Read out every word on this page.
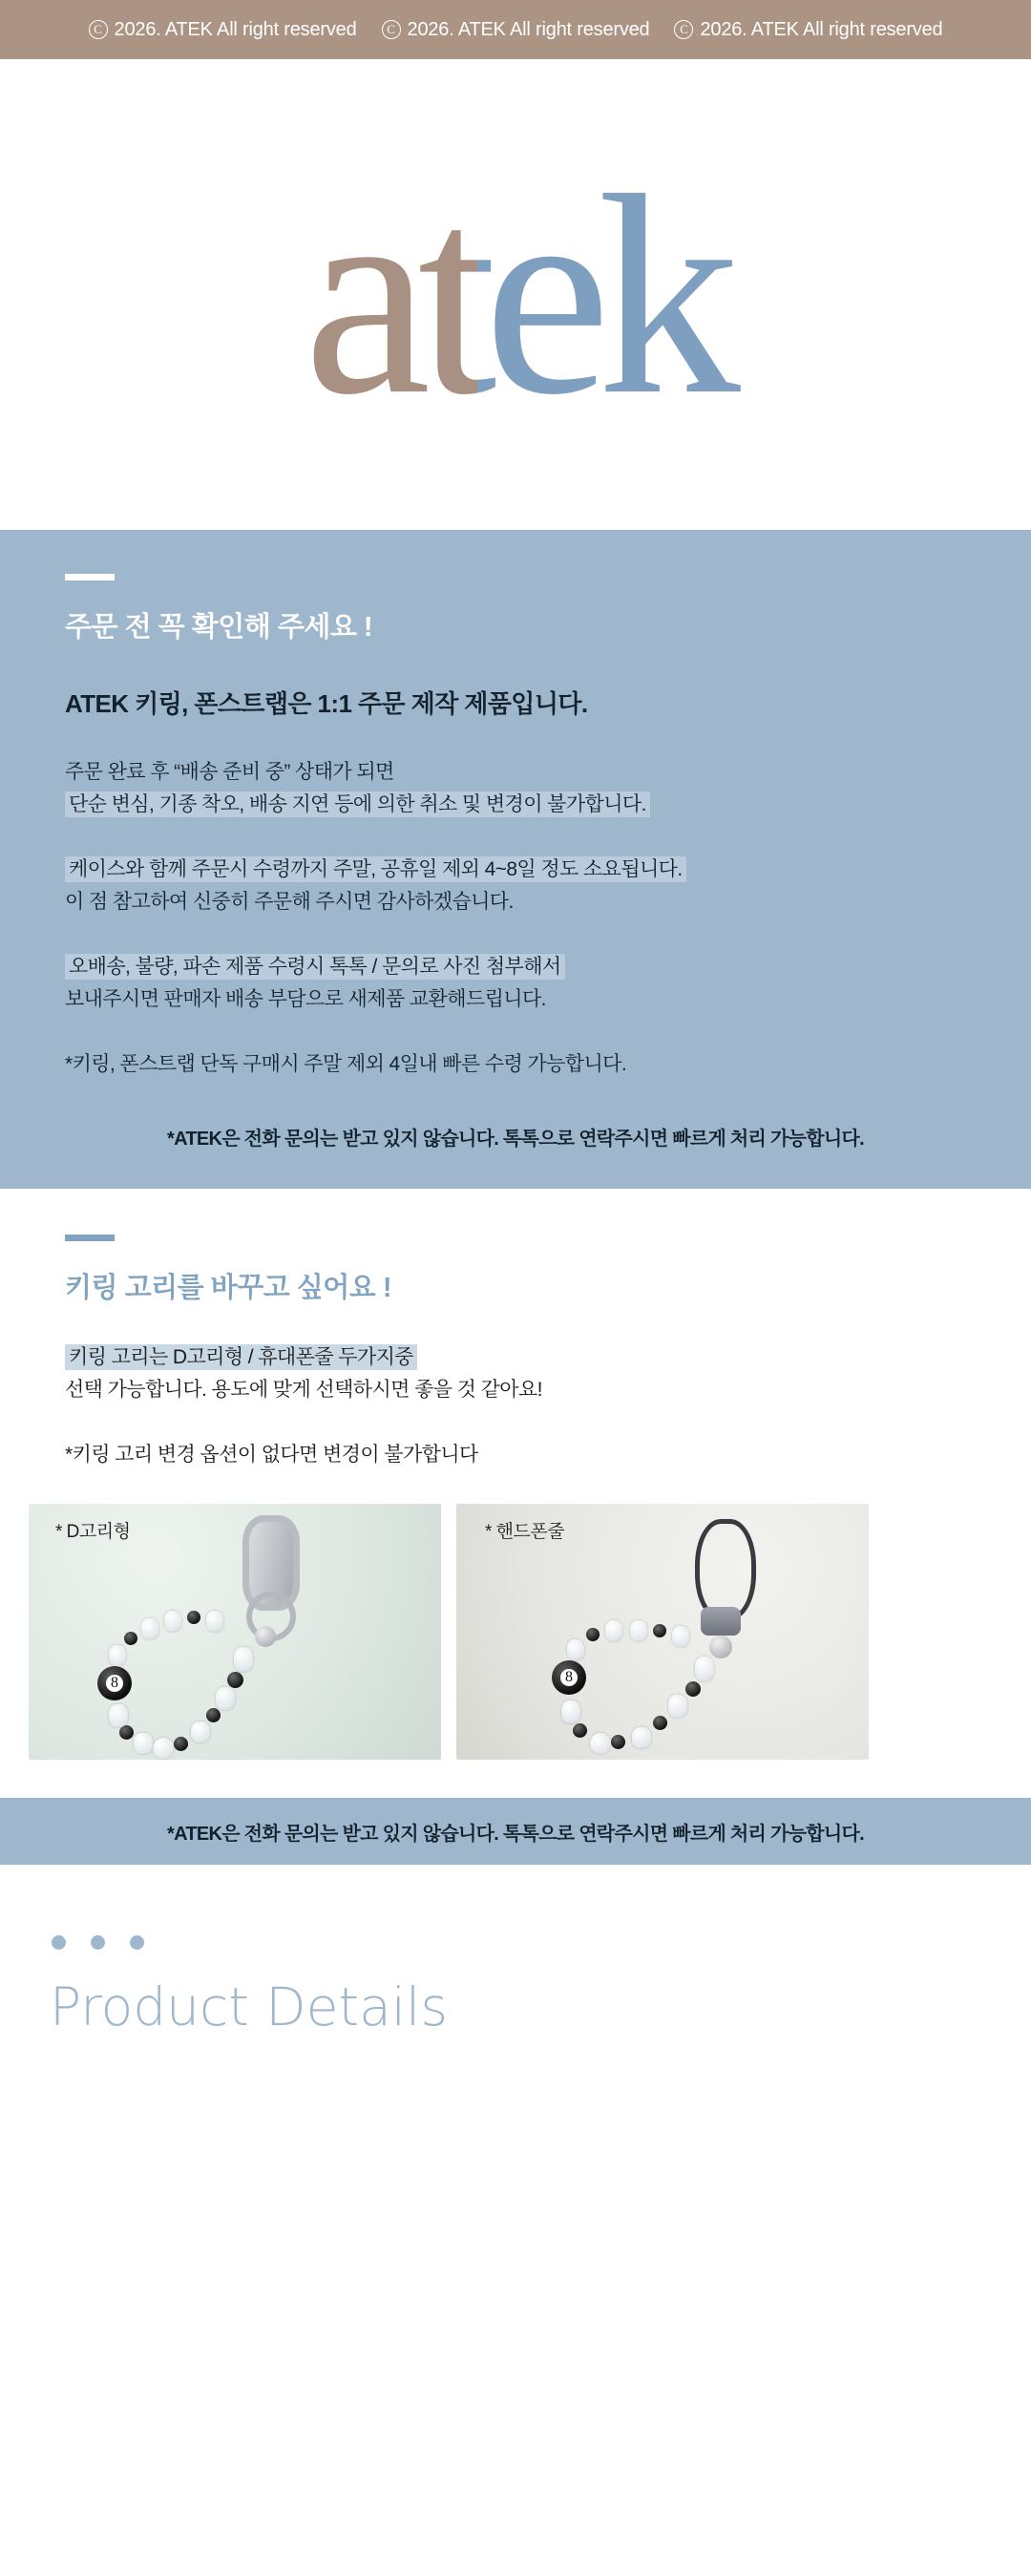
C 2026. ATEK All right reserved	C 2026. ATEK All right reserved	C 2026. ATEK All right reserved
atek
주문 전 꼭 확인해 주세요 !
ATEK 키링, 폰스트랩은 1:1 주문 제작 제품입니다.

주문 완료 후 “배송 준비 중” 상태가 되면
단순 변심, 기종 착오, 배송 지연 등에 의한 취소 및 변경이 불가합니다.

케이스와 함께 주문시 수령까지 주말, 공휴일 제외 4~8일 정도 소요됩니다.
이 점 참고하여 신중히 주문해 주시면 감사하겠습니다.

오배송, 불량, 파손 제품 수령시 톡톡 / 문의로 사진 첨부해서
보내주시면 판매자 배송 부담으로 새제품 교환해드립니다.

*키링, 폰스트랩 단독 구매시 주말 제외 4일내 빠른 수령 가능합니다.

*ATEK은 전화 문의는 받고 있지 않습니다. 톡톡으로 연락주시면 빠르게 처리 가능합니다.
키링 고리를 바꾸고 싶어요 !

키링 고리는 D고리형 / 휴대폰줄 두가지중
선택 가능합니다. 용도에 맞게 선택하시면 좋을 것 같아요!

*키링 고리 변경 옵션이 없다면 변경이 불가합니다

* D고리형
8	* 핸드폰줄
8
*ATEK은 전화 문의는 받고 있지 않습니다. 톡톡으로 연락주시면 빠르게 처리 가능합니다.
Product Details
